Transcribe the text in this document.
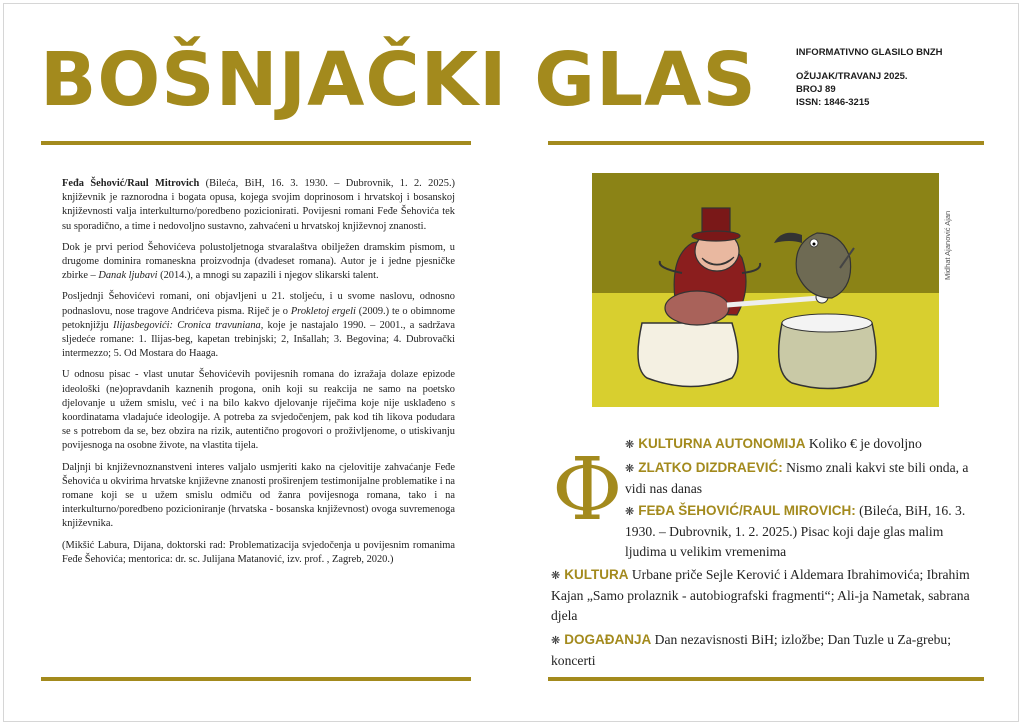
BOŠNJAČKI GLAS	INFORMATIVNO GLASILO BNZH
OŽUJAK/TRAVANJ 2025.
BROJ 89
ISSN: 1846-3215

Feđa Šehović/Raul Mitrovich (Bileća, BiH, 16. 3. 1930. – Dubrovnik, 1. 2. 2025.) književnik je raznorodna i bogata opusa, kojega svojim doprinosom i hrvatskoj i bosanskoj književnosti valja interkulturno/poredbeno pozicionirati. Povijesni romani Feđe Šehovića tek su sporadično, a time i nedovoljno sustavno, zahvaćeni u hrvatskoj književnoj znanosti.

Dok je prvi period Šehovićeva polustoljetnoga stvaralaštva obilježen dramskim pismom, u drugome dominira romaneskna proizvodnja (dvadeset romana). Autor je i jedne pjesničke zbirke – Danak ljubavi (2014.), a mnogi su zapazili i njegov slikarski talent.

Posljednji Šehovićevi romani, oni objavljeni u 21. stoljeću, i u svome naslovu, odnosno podnaslovu, nose tragove Andrićeva pisma. Riječ je o Prokletoj ergeli (2009.) te o obimnome petoknjižju Ilijasbegovići: Cronica travuniana, koje je nastajalo 1990. – 2001., a sadržava sljedeće romane: 1. Ilijas-beg, kapetan trebinjski; 2, Inšallah; 3. Begovina; 4. Dubrovački intermezzo; 5. Od Mostara do Haaga.

U odnosu pisac - vlast unutar Šehovićevih povijesnih romana do izražaja dolaze epizode ideološki (ne)opravdanih kaznenih progona, onih koji su reakcija ne samo na poetsko djelovanje u užem smislu, već i na bilo kakvo djelovanje riječima koje nije usklađeno s koordinatama vladajuće ideologije. A potreba za svjedočenjem, pak kod tih likova podudara se s potrebom da se, bez obzira na rizik, autentično progovori o proživljenome, o utiskivanju povijesnoga na osobne živote, na vlastita tijela.

Daljnji bi književnoznanstveni interes valjalo usmjeriti kako na cjelovitije zahvaćanje Feđe Šehovića u okvirima hrvatske književne znanosti proširenjem testimonijalne problematike i na romane koji se u užem smislu odmiču od žanra povijesnoga romana, tako i na interkulturno/poredbeno pozicioniranje (hrvatska - bosanska književnost) ovoga suvremenoga književnika.

(Mikšić Labura, Dijana, doktorski rad: Problematizacija svjedočenja u povijesnim romanima Feđe Šehovića; mentorica: dr. sc. Julijana Matanović, izv. prof. , Zagreb, 2020.)

Midhat Ajanović Ajan
Φ ❋ KULTURNA AUTONOMIJA Koliko € je dovoljno
❋ ZLATKO DIZDRAEVIĆ: Nismo znali kakvi ste bili onda, a vidi nas danas
❋ FEĐA ŠEHOVIĆ/RAUL MIROVICH: (Bileća, BiH, 16. 3. 1930. – Dubrovnik, 1. 2. 2025.) Pisac koji daje glas malim ljudima u velikim vremenima
❋ KULTURA Urbane priče Sejle Kerović i Aldemara Ibrahimovića; Ibrahim Kajan „Samo prolaznik - autobiografski fragmenti“; Ali-ja Nametak, sabrana djela
❋ DOGAĐANJA Dan nezavisnosti BiH; izložbe; Dan Tuzle u Za-grebu; koncerti
